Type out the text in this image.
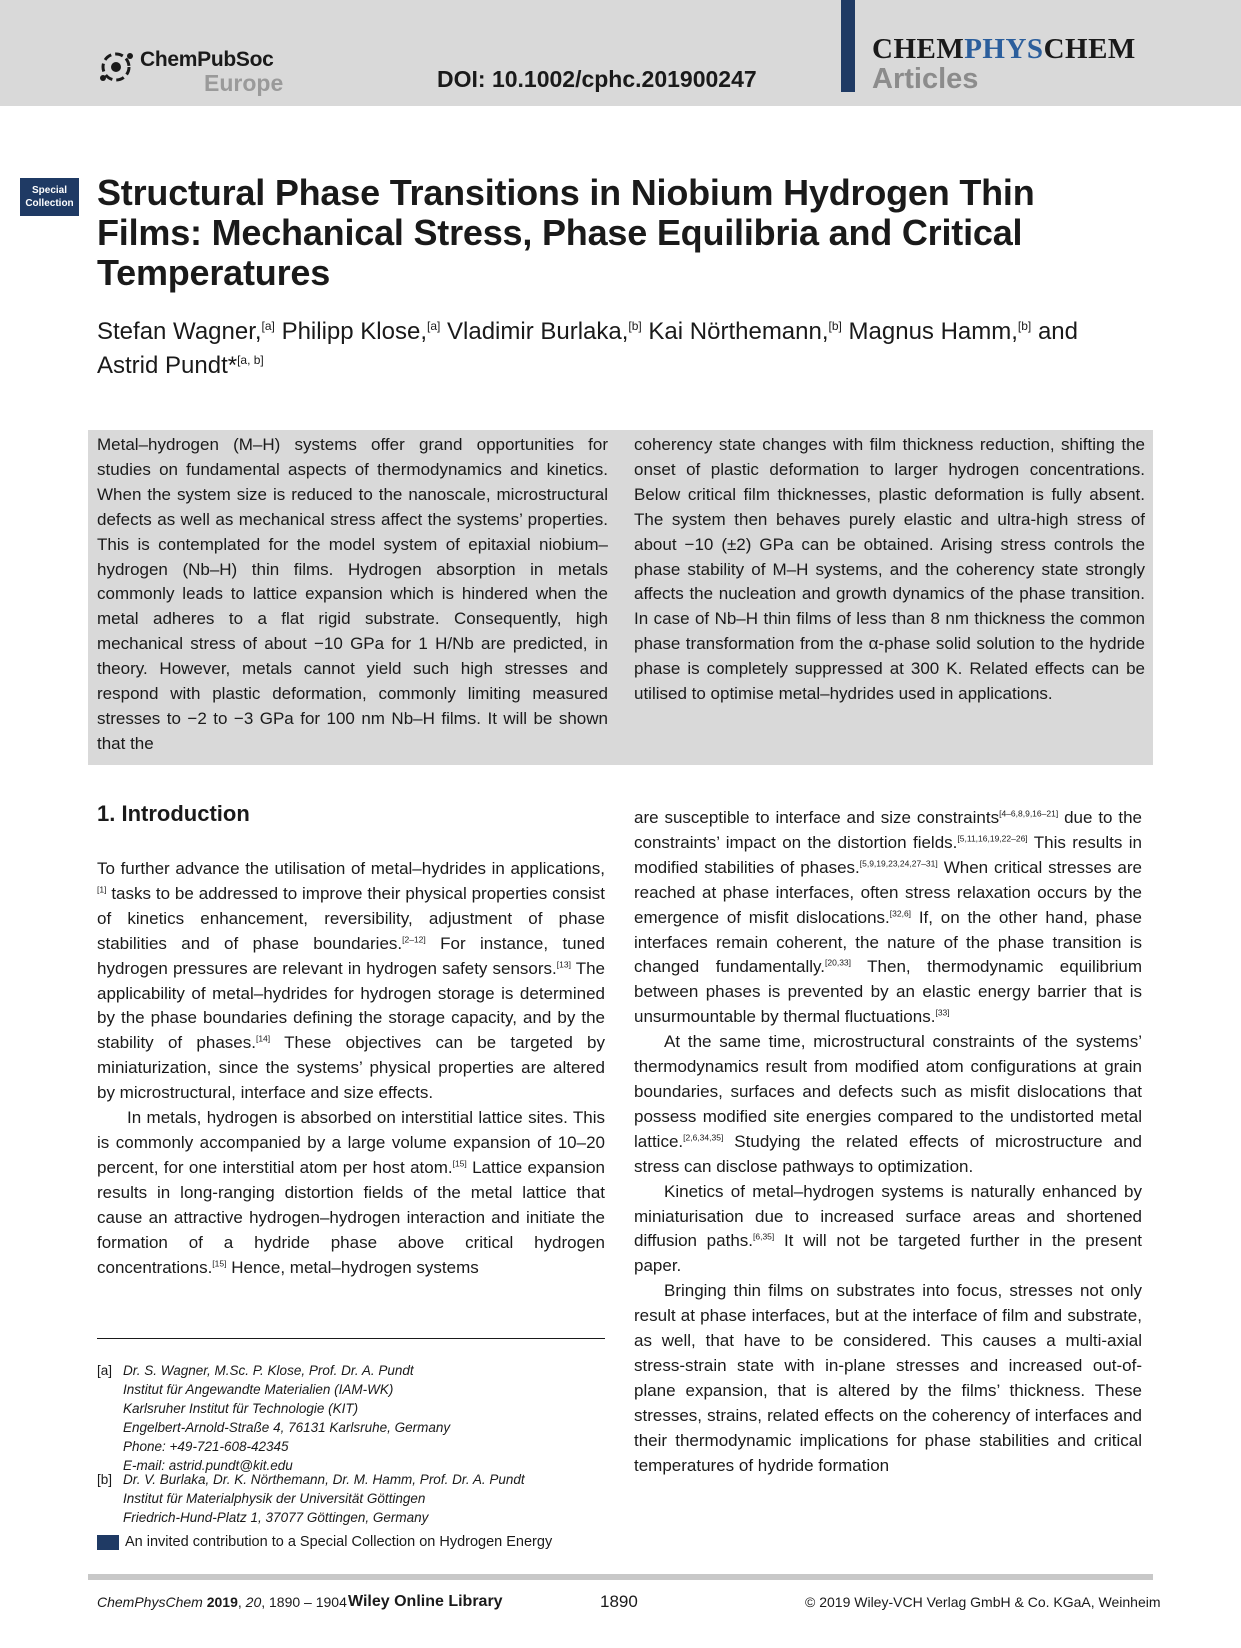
ChemPubSoc
Europe	DOI: 10.1002/cphc.201900247
CHEMPHYSCHEM
Articles
Special
Collection Structural Phase Transitions in Niobium Hydrogen Thin Films: Mechanical Stress, Phase Equilibria and Critical Temperatures

Stefan Wagner,[a] Philipp Klose,[a] Vladimir Burlaka,[b] Kai Nörthemann,[b] Magnus Hamm,[b] and Astrid Pundt*[a, b]

Metal–hydrogen (M–H) systems offer grand opportunities for studies on fundamental aspects of thermodynamics and kinetics. When the system size is reduced to the nanoscale, microstructural defects as well as mechanical stress affect the systems’ properties. This is contemplated for the model system of epitaxial niobium–hydrogen (Nb–H) thin films. Hydrogen absorption in metals commonly leads to lattice expansion which is hindered when the metal adheres to a flat rigid substrate. Consequently, high mechanical stress of about −10 GPa for 1 H/Nb are predicted, in theory. However, metals cannot yield such high stresses and respond with plastic deformation, commonly limiting measured stresses to −2 to −3 GPa for 100 nm Nb–H films. It will be shown that the

coherency state changes with film thickness reduction, shifting the onset of plastic deformation to larger hydrogen concentrations. Below critical film thicknesses, plastic deformation is fully absent. The system then behaves purely elastic and ultra-high stress of about −10 (±2) GPa can be obtained. Arising stress controls the phase stability of M–H systems, and the coherency state strongly affects the nucleation and growth dynamics of the phase transition. In case of Nb–H thin films of less than 8 nm thickness the common phase transformation from the α-phase solid solution to the hydride phase is completely suppressed at 300 K. Related effects can be utilised to optimise metal–hydrides used in applications.

1. Introduction

To further advance the utilisation of metal–hydrides in applications,[1] tasks to be addressed to improve their physical properties consist of kinetics enhancement, reversibility, adjustment of phase stabilities and of phase boundaries.[2–12] For instance, tuned hydrogen pressures are relevant in hydrogen safety sensors.[13] The applicability of metal–hydrides for hydrogen storage is determined by the phase boundaries defining the storage capacity, and by the stability of phases.[14] These objectives can be targeted by miniaturization, since the systems’ physical properties are altered by microstructural, interface and size effects.

In metals, hydrogen is absorbed on interstitial lattice sites. This is commonly accompanied by a large volume expansion of 10–20 percent, for one interstitial atom per host atom.[15] Lattice expansion results in long-ranging distortion fields of the metal lattice that cause an attractive hydrogen–hydrogen interaction and initiate the formation of a hydride phase above critical hydrogen concentrations.[15] Hence, metal–hydrogen systems

are susceptible to interface and size constraints[4–6,8,9,16–21] due to the constraints’ impact on the distortion fields.[5,11,16,19,22–26] This results in modified stabilities of phases.[5,9,19,23,24,27–31] When critical stresses are reached at phase interfaces, often stress relaxation occurs by the emergence of misfit dislocations.[32,6] If, on the other hand, phase interfaces remain coherent, the nature of the phase transition is changed fundamentally.[20,33] Then, thermodynamic equilibrium between phases is prevented by an elastic energy barrier that is unsurmountable by thermal fluctuations.[33]

At the same time, microstructural constraints of the systems’ thermodynamics result from modified atom configurations at grain boundaries, surfaces and defects such as misfit dislocations that possess modified site energies compared to the undistorted metal lattice.[2,6,34,35] Studying the related effects of microstructure and stress can disclose pathways to optimization.

Kinetics of metal–hydrogen systems is naturally enhanced by miniaturisation due to increased surface areas and shortened diffusion paths.[6,35] It will not be targeted further in the present paper.

Bringing thin films on substrates into focus, stresses not only result at phase interfaces, but at the interface of film and substrate, as well, that have to be considered. This causes a multi-axial stress-strain state with in-plane stresses and increased out-of-plane expansion, that is altered by the films’ thickness. These stresses, strains, related effects on the coherency of interfaces and their thermodynamic implications for phase stabilities and critical temperatures of hydride formation

[a] Dr. S. Wagner, M.Sc. P. Klose, Prof. Dr. A. Pundt
Institut für Angewandte Materialien (IAM-WK)
Karlsruher Institut für Technologie (KIT)
Engelbert-Arnold-Straße 4, 76131 Karlsruhe, Germany
Phone: +49-721-608-42345
E-mail: astrid.pundt@kit.edu
[b] Dr. V. Burlaka, Dr. K. Nörthemann, Dr. M. Hamm, Prof. Dr. A. Pundt
Institut für Materialphysik der Universität Göttingen
Friedrich-Hund-Platz 1, 37077 Göttingen, Germany
An invited contribution to a Special Collection on Hydrogen Energy
ChemPhysChem 2019, 20, 1890 – 1904 Wiley Online Library	1890	© 2019 Wiley-VCH Verlag GmbH & Co. KGaA, Weinheim
